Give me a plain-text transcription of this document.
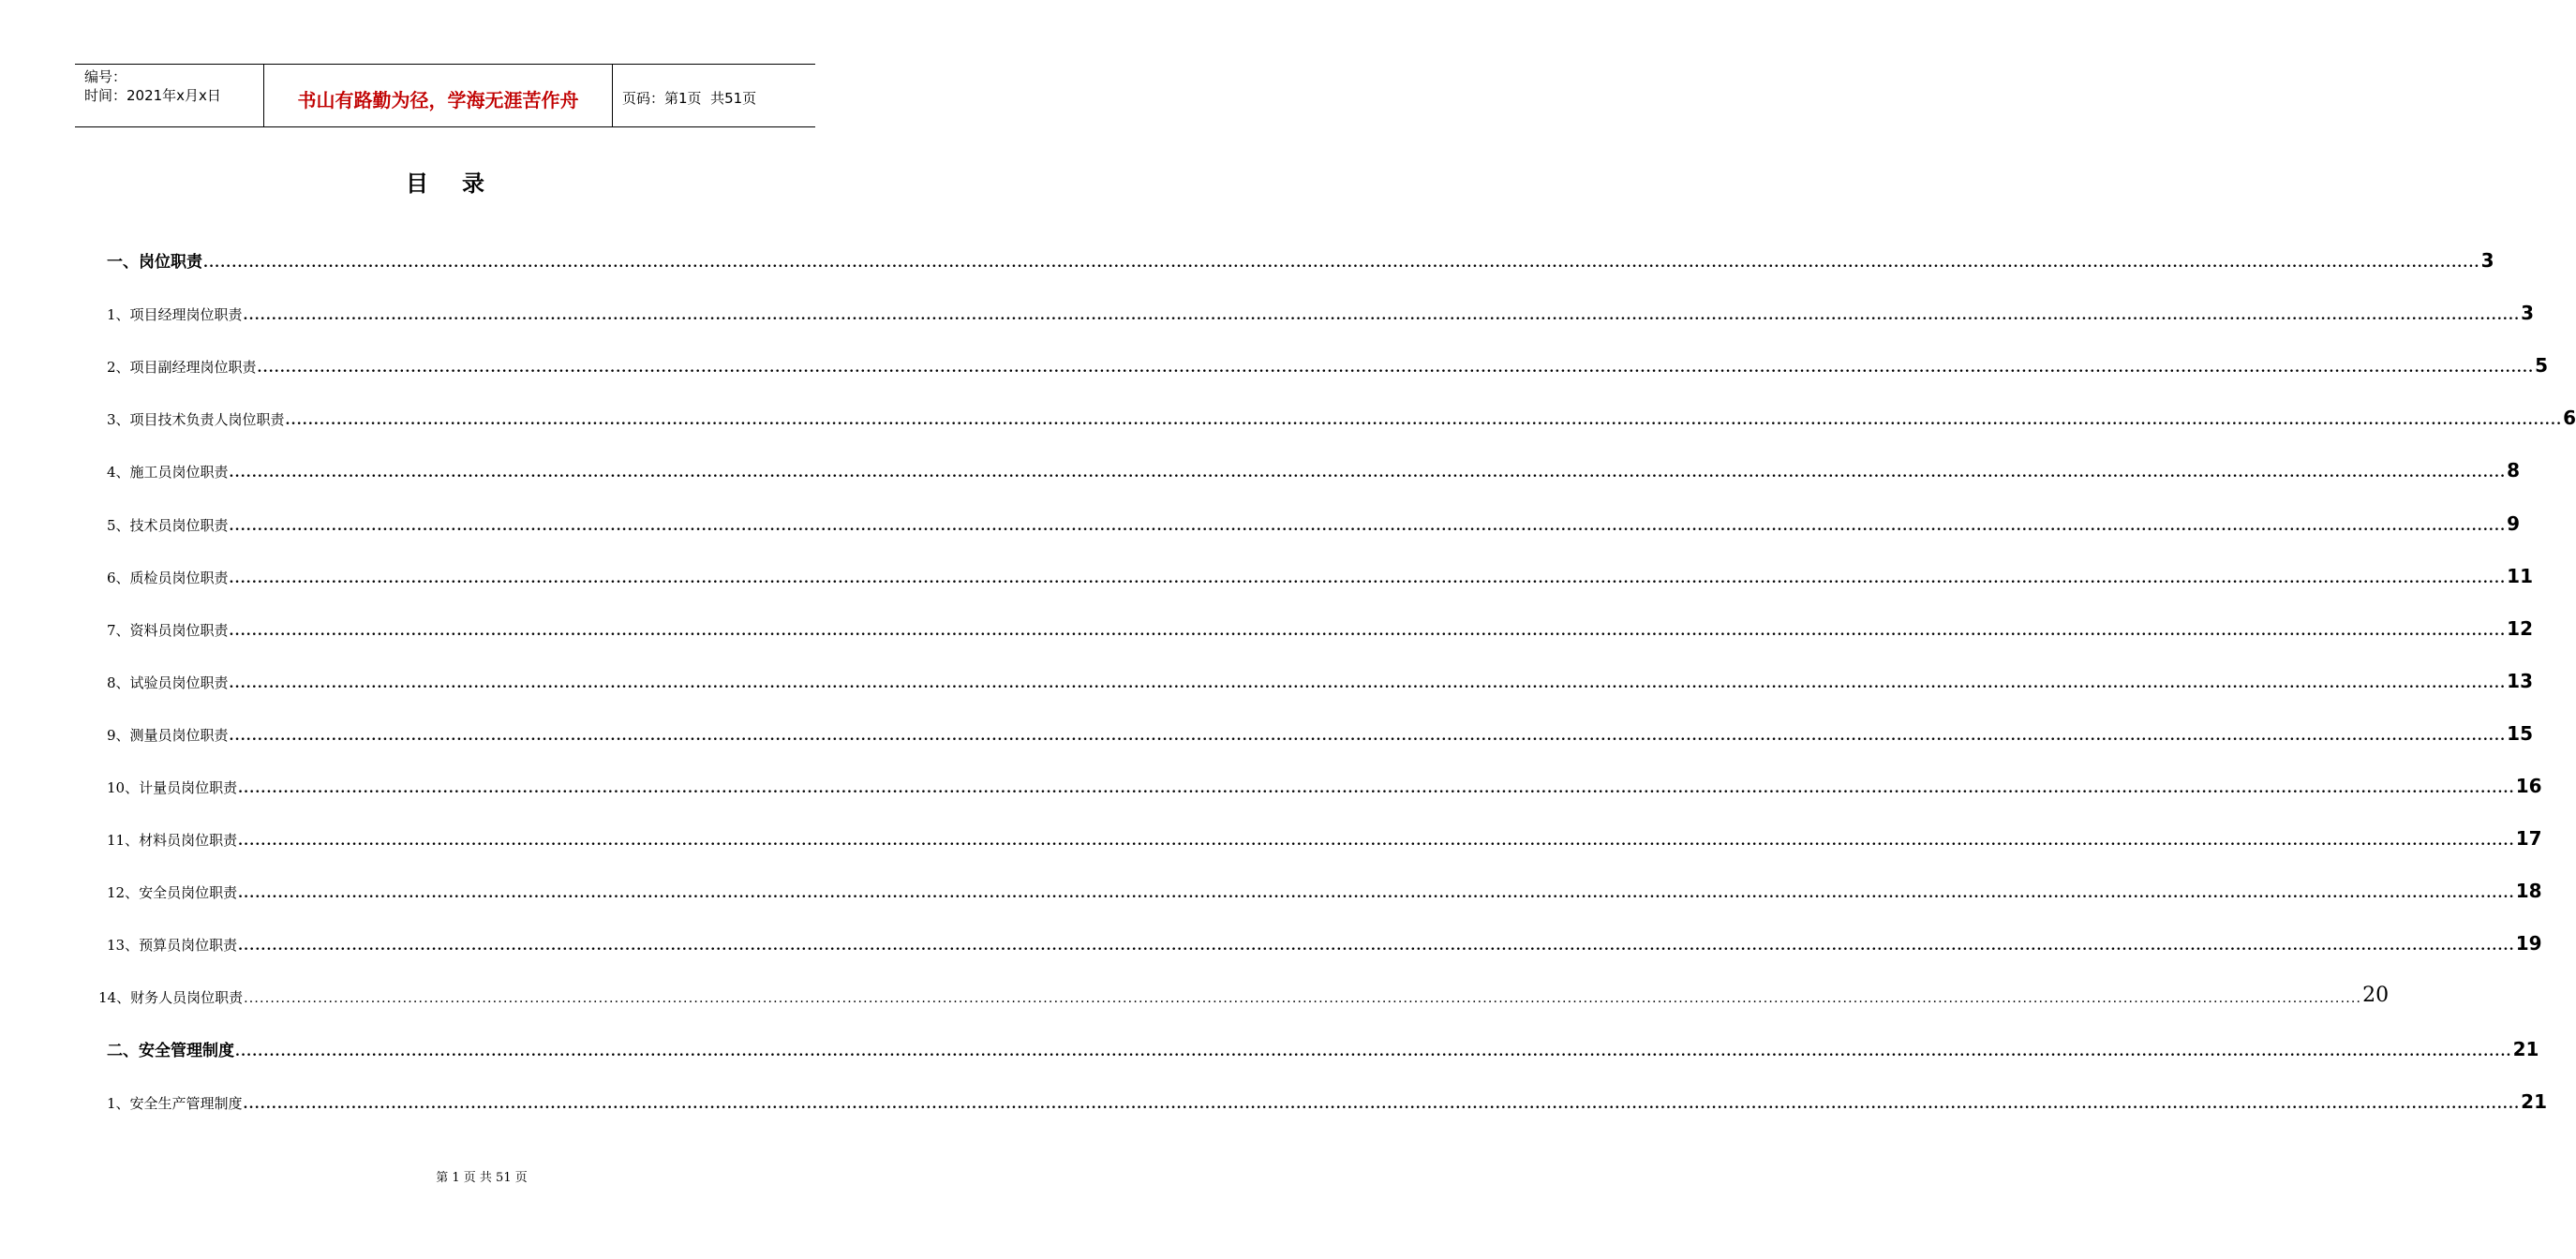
编号：
时间：2021年x月x日	书山有路勤为径，学海无涯苦作舟	页码：第1页  共51页
目录
一、岗位职责 ................................................................................................................................................................................................................................................................................................................................................................................................................ 3
1、项目经理岗位职责 ................................................................................................................................................................................................................................................................................................................................................................................................................ 3
2、项目副经理岗位职责 ................................................................................................................................................................................................................................................................................................................................................................................................................ 5
3、项目技术负责人岗位职责 ................................................................................................................................................................................................................................................................................................................................................................................................................ 6
4、施工员岗位职责 ................................................................................................................................................................................................................................................................................................................................................................................................................ 8
5、技术员岗位职责 ................................................................................................................................................................................................................................................................................................................................................................................................................ 9
6、质检员岗位职责 ................................................................................................................................................................................................................................................................................................................................................................................................................ 11
7、资料员岗位职责 ................................................................................................................................................................................................................................................................................................................................................................................................................ 12
8、试验员岗位职责 ................................................................................................................................................................................................................................................................................................................................................................................................................ 13
9、测量员岗位职责 ................................................................................................................................................................................................................................................................................................................................................................................................................ 15
10、计量员岗位职责 ................................................................................................................................................................................................................................................................................................................................................................................................................ 16
11、材料员岗位职责 ................................................................................................................................................................................................................................................................................................................................................................................................................ 17
12、安全员岗位职责 ................................................................................................................................................................................................................................................................................................................................................................................................................ 18
13、预算员岗位职责 ................................................................................................................................................................................................................................................................................................................................................................................................................ 19
14、财务人员岗位职责 ................................................................................................................................................................................................................................................................................................................................................................................................................ 20
二、安全管理制度 ................................................................................................................................................................................................................................................................................................................................................................................................................ 21
1、安全生产管理制度 ................................................................................................................................................................................................................................................................................................................................................................................................................ 21
第 1 页 共 51 页
